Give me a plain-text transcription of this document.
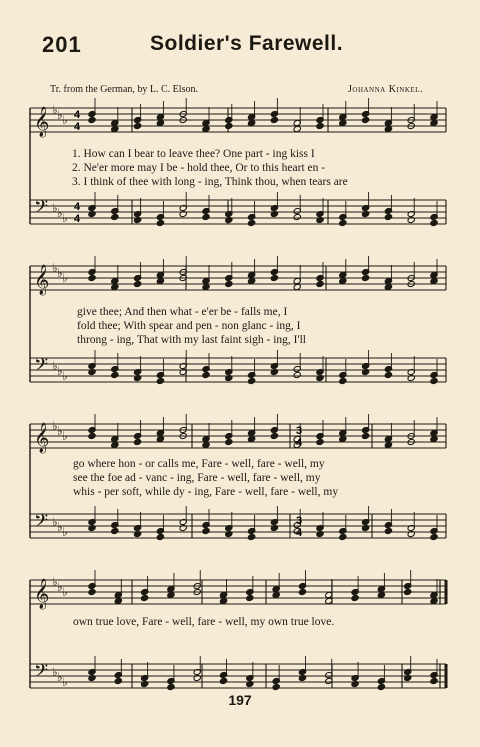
201	Soldier's Farewell.
Tr. from the German, by L. C. Elson.	Johanna Kinkel.
𝄞
𝄢
♭
♭
♭
♭
♭
♭
𝄞
𝄢
♭
♭
♭
♭
♭
♭
𝄞
𝄢
♭
♭
♭
♭
♭
♭
𝄞
𝄢
♭
♭
♭
♭
♭
♭
4
4
4
4
3
4
3
4
1. How can I bear to leave thee? One part - ing kiss I
2. Ne'er more may I be - hold thee, Or to this heart en -
3. I think of thee with long - ing, Think thou, when tears are
give thee; And then what - e'er be - falls me, I
fold thee; With spear and pen - non glanc - ing, I
throng - ing, That with my last faint sigh - ing, I'll
go where hon - or calls me, Fare - well, fare - well, my
see the foe ad - vanc - ing, Fare - well, fare - well, my
whis - per soft, while dy - ing, Fare - well, fare - well, my
own true love, Fare - well, fare - well, my own true love.
197
